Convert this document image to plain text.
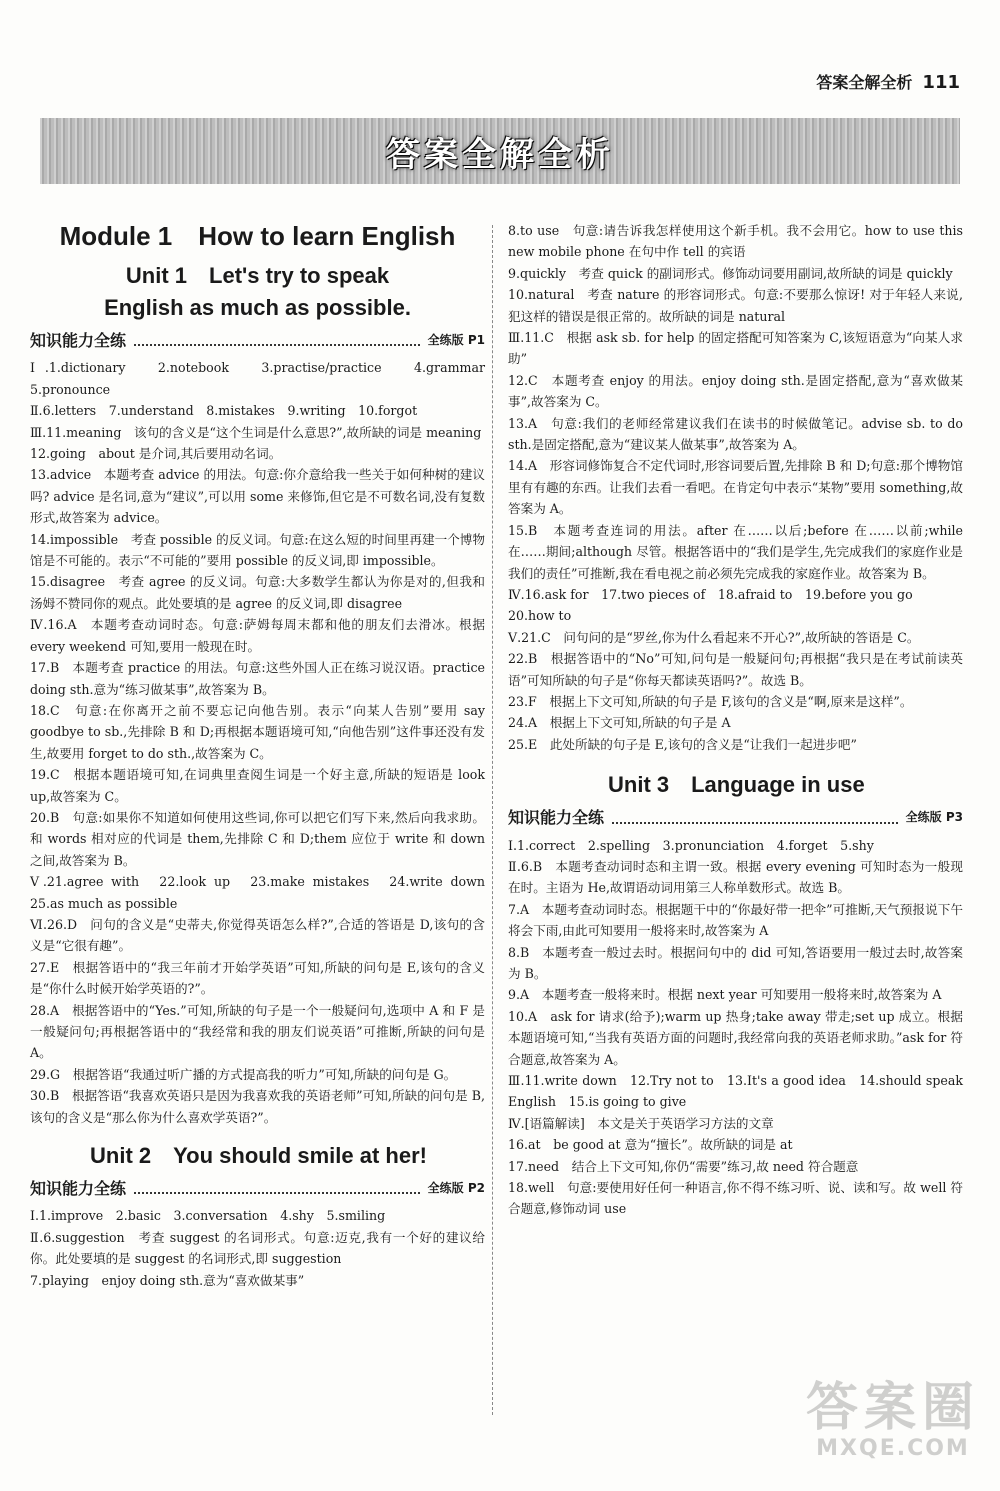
答案全解全析 111
答案全解全析
Module 1　How to learn English
Unit 1　Let's try to speak
English as much as possible.
知识能力全练	全练版 P1

Ⅰ.1.dictionary　2.notebook　3.practise/practice　4.grammar　5.pronounce

Ⅱ.6.letters　7.understand　8.mistakes　9.writing　10.forgot

Ⅲ.11.meaning　该句的含义是“这个生词是什么意思?”,故所缺的词是 meaning

12.going　about 是介词,其后要用动名词。

13.advice　本题考查 advice 的用法。句意:你介意给我一些关于如何种树的建议吗? advice 是名词,意为“建议”,可以用 some 来修饰,但它是不可数名词,没有复数形式,故答案为 advice。

14.impossible　考查 possible 的反义词。句意:在这么短的时间里再建一个博物馆是不可能的。表示“不可能的”要用 possible 的反义词,即 impossible。

15.disagree　考查 agree 的反义词。句意:大多数学生都认为你是对的,但我和汤姆不赞同你的观点。此处要填的是 agree 的反义词,即 disagree

Ⅳ.16.A　本题考查动词时态。句意:萨姆每周末都和他的朋友们去滑冰。根据 every weekend 可知,要用一般现在时。

17.B　本题考查 practice 的用法。句意:这些外国人正在练习说汉语。practice doing sth.意为“练习做某事”,故答案为 B。

18.C　句意:在你离开之前不要忘记向他告别。表示“向某人告别”要用 say goodbye to sb.,先排除 B 和 D;再根据本题语境可知,“向他告别”这件事还没有发生,故要用 forget to do sth.,故答案为 C。

19.C　根据本题语境可知,在词典里查阅生词是一个好主意,所缺的短语是 look up,故答案为 C。

20.B　句意:如果你不知道如何使用这些词,你可以把它们写下来,然后向我求助。和 words 相对应的代词是 them,先排除 C 和 D;them 应位于 write 和 down 之间,故答案为 B。

Ⅴ.21.agree with　22.look up　23.make mistakes　24.write down　25.as much as possible

Ⅵ.26.D　问句的含义是“史蒂夫,你觉得英语怎么样?”,合适的答语是 D,该句的含义是“它很有趣”。

27.E　根据答语中的“我三年前才开始学英语”可知,所缺的问句是 E,该句的含义是“你什么时候开始学英语的?”。

28.A　根据答语中的“Yes.”可知,所缺的句子是一个一般疑问句,选项中 A 和 F 是一般疑问句;再根据答语中的“我经常和我的朋友们说英语”可推断,所缺的问句是 A。

29.G　根据答语“我通过听广播的方式提高我的听力”可知,所缺的问句是 G。

30.B　根据答语“我喜欢英语只是因为我喜欢我的英语老师”可知,所缺的问句是 B,该句的含义是“那么你为什么喜欢学英语?”。

Unit 2　You should smile at her!
知识能力全练	全练版 P2

Ⅰ.1.improve　2.basic　3.conversation　4.shy　5.smiling

Ⅱ.6.suggestion　考查 suggest 的名词形式。句意:迈克,我有一个好的建议给你。此处要填的是 suggest 的名词形式,即 suggestion

7.playing　enjoy doing sth.意为“喜欢做某事”

8.to use　句意:请告诉我怎样使用这个新手机。我不会用它。how to use this new mobile phone 在句中作 tell 的宾语

9.quickly　考查 quick 的副词形式。修饰动词要用副词,故所缺的词是 quickly

10.natural　考查 nature 的形容词形式。句意:不要那么惊讶! 对于年轻人来说,犯这样的错误是很正常的。故所缺的词是 natural

Ⅲ.11.C　根据 ask sb. for help 的固定搭配可知答案为 C,该短语意为“向某人求助”

12.C　本题考查 enjoy 的用法。enjoy doing sth.是固定搭配,意为“喜欢做某事”,故答案为 C。

13.A　句意:我们的老师经常建议我们在读书的时候做笔记。advise sb. to do sth.是固定搭配,意为“建议某人做某事”,故答案为 A。

14.A　形容词修饰复合不定代词时,形容词要后置,先排除 B 和 D;句意:那个博物馆里有有趣的东西。让我们去看一看吧。在肯定句中表示“某物”要用 something,故答案为 A。

15.B　本题考查连词的用法。after 在……以后;before 在……以前;while 在……期间;although 尽管。根据答语中的“我们是学生,先完成我们的家庭作业是我们的责任”可推断,我在看电视之前必须先完成我的家庭作业。故答案为 B。

Ⅳ.16.ask for　17.two pieces of　18.afraid to　19.before you go

20.how to

Ⅴ.21.C　问句问的是“罗丝,你为什么看起来不开心?”,故所缺的答语是 C。

22.B　根据答语中的“No”可知,问句是一般疑问句;再根据“我只是在考试前读英语”可知所缺的句子是“你每天都读英语吗?”。故选 B。

23.F　根据上下文可知,所缺的句子是 F,该句的含义是“啊,原来是这样”。

24.A　根据上下文可知,所缺的句子是 A

25.E　此处所缺的句子是 E,该句的含义是“让我们一起进步吧”

Unit 3　Language in use
知识能力全练	全练版 P3

Ⅰ.1.correct　2.spelling　3.pronunciation　4.forget　5.shy

Ⅱ.6.B　本题考查动词时态和主谓一致。根据 every evening 可知时态为一般现在时。主语为 He,故谓语动词用第三人称单数形式。故选 B。

7.A　本题考查动词时态。根据题干中的“你最好带一把伞”可推断,天气预报说下午将会下雨,由此可知要用一般将来时,故答案为 A

8.B　本题考查一般过去时。根据问句中的 did 可知,答语要用一般过去时,故答案为 B。

9.A　本题考查一般将来时。根据 next year 可知要用一般将来时,故答案为 A

10.A　ask for 请求(给予);warm up 热身;take away 带走;set up 成立。根据本题语境可知,“当我有英语方面的问题时,我经常向我的英语老师求助。”ask for 符合题意,故答案为 A。

Ⅲ.11.write down　12.Try not to　13.It's a good idea　14.should speak English　15.is going to give

Ⅳ.[语篇解读]　本文是关于英语学习方法的文章

16.at　be good at 意为“擅长”。故所缺的词是 at

17.need　结合上下文可知,你仍“需要”练习,故 need 符合题意

18.well　句意:要使用好任何一种语言,你不得不练习听、说、读和写。故 well 符合题意,修饰动词 use

答案圈
MXQE.COM
